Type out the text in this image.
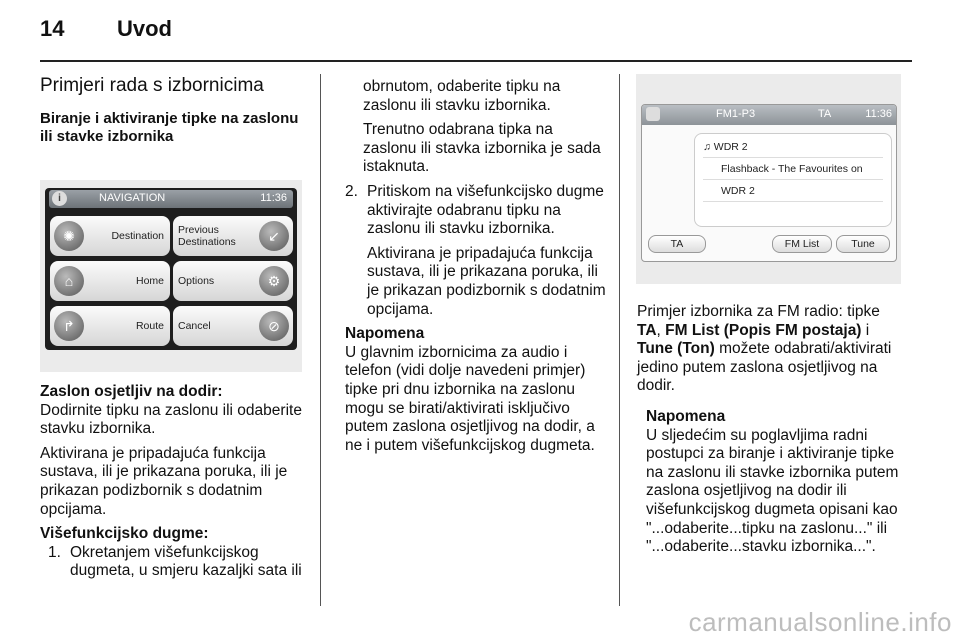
14 Uvod
Primjeri rada s izbornicima
Biranje i aktiviranje tipke na zaslonu ili stavke izbornika
i	NAVIGATION	11:36
✺	Destination Previous Destinations	↙
⌂	Home Options	⚙
↱	Route Cancel	⊘

Zaslon osjetljiv na dodir:

Dodirnite tipku na zaslonu ili odaberite stavku izbornika.

Aktivirana je pripadajuća funkcija sustava, ili je prikazana poruka, ili je prikazan podizbornik s dodatnim opcijama.

Višefunkcijsko dugme:

1. Okretanjem višefunkcijskog dugmeta, u smjeru kazaljki sata ili

obrnutom, odaberite tipku na zaslonu ili stavku izbornika.

Trenutno odabrana tipka na zaslonu ili stavka izbornika je sada istaknuta.

2. Pritiskom na višefunkcijsko dugme aktivirajte odabranu tipku na zaslonu ili stavku izbornika.

Aktivirana je pripadajuća funkcija sustava, ili je prikazana poruka, ili je prikazan podizbornik s dodatnim opcijama.

Napomena

U glavnim izbornicima za audio i telefon (vidi dolje navedeni primjer) tipke pri dnu izbornika na zaslonu mogu se birati/aktivirati isključivo putem zaslona osjetljivog na dodir, a ne i putem višefunkcijskog dugmeta.

FM1-P3	TA	11:36
♫ WDR 2
Flashback - The Favourites on
WDR 2
TA	FM List	Tune

Primjer izbornika za FM radio: tipke
TA, FM List (Popis FM postaja) i Tune (Ton) možete odabrati/aktivirati jedino putem zaslona osjetljivog na dodir.

Napomena

U sljedećim su poglavljima radni postupci za biranje i aktiviranje tipke na zaslonu ili stavke izbornika putem zaslona osjetljivog na dodir ili višefunkcijskog dugmeta opisani kao "...odaberite...tipku na zaslonu..." ili "...odaberite...stavku izbornika...".

carmanualsonline.info
